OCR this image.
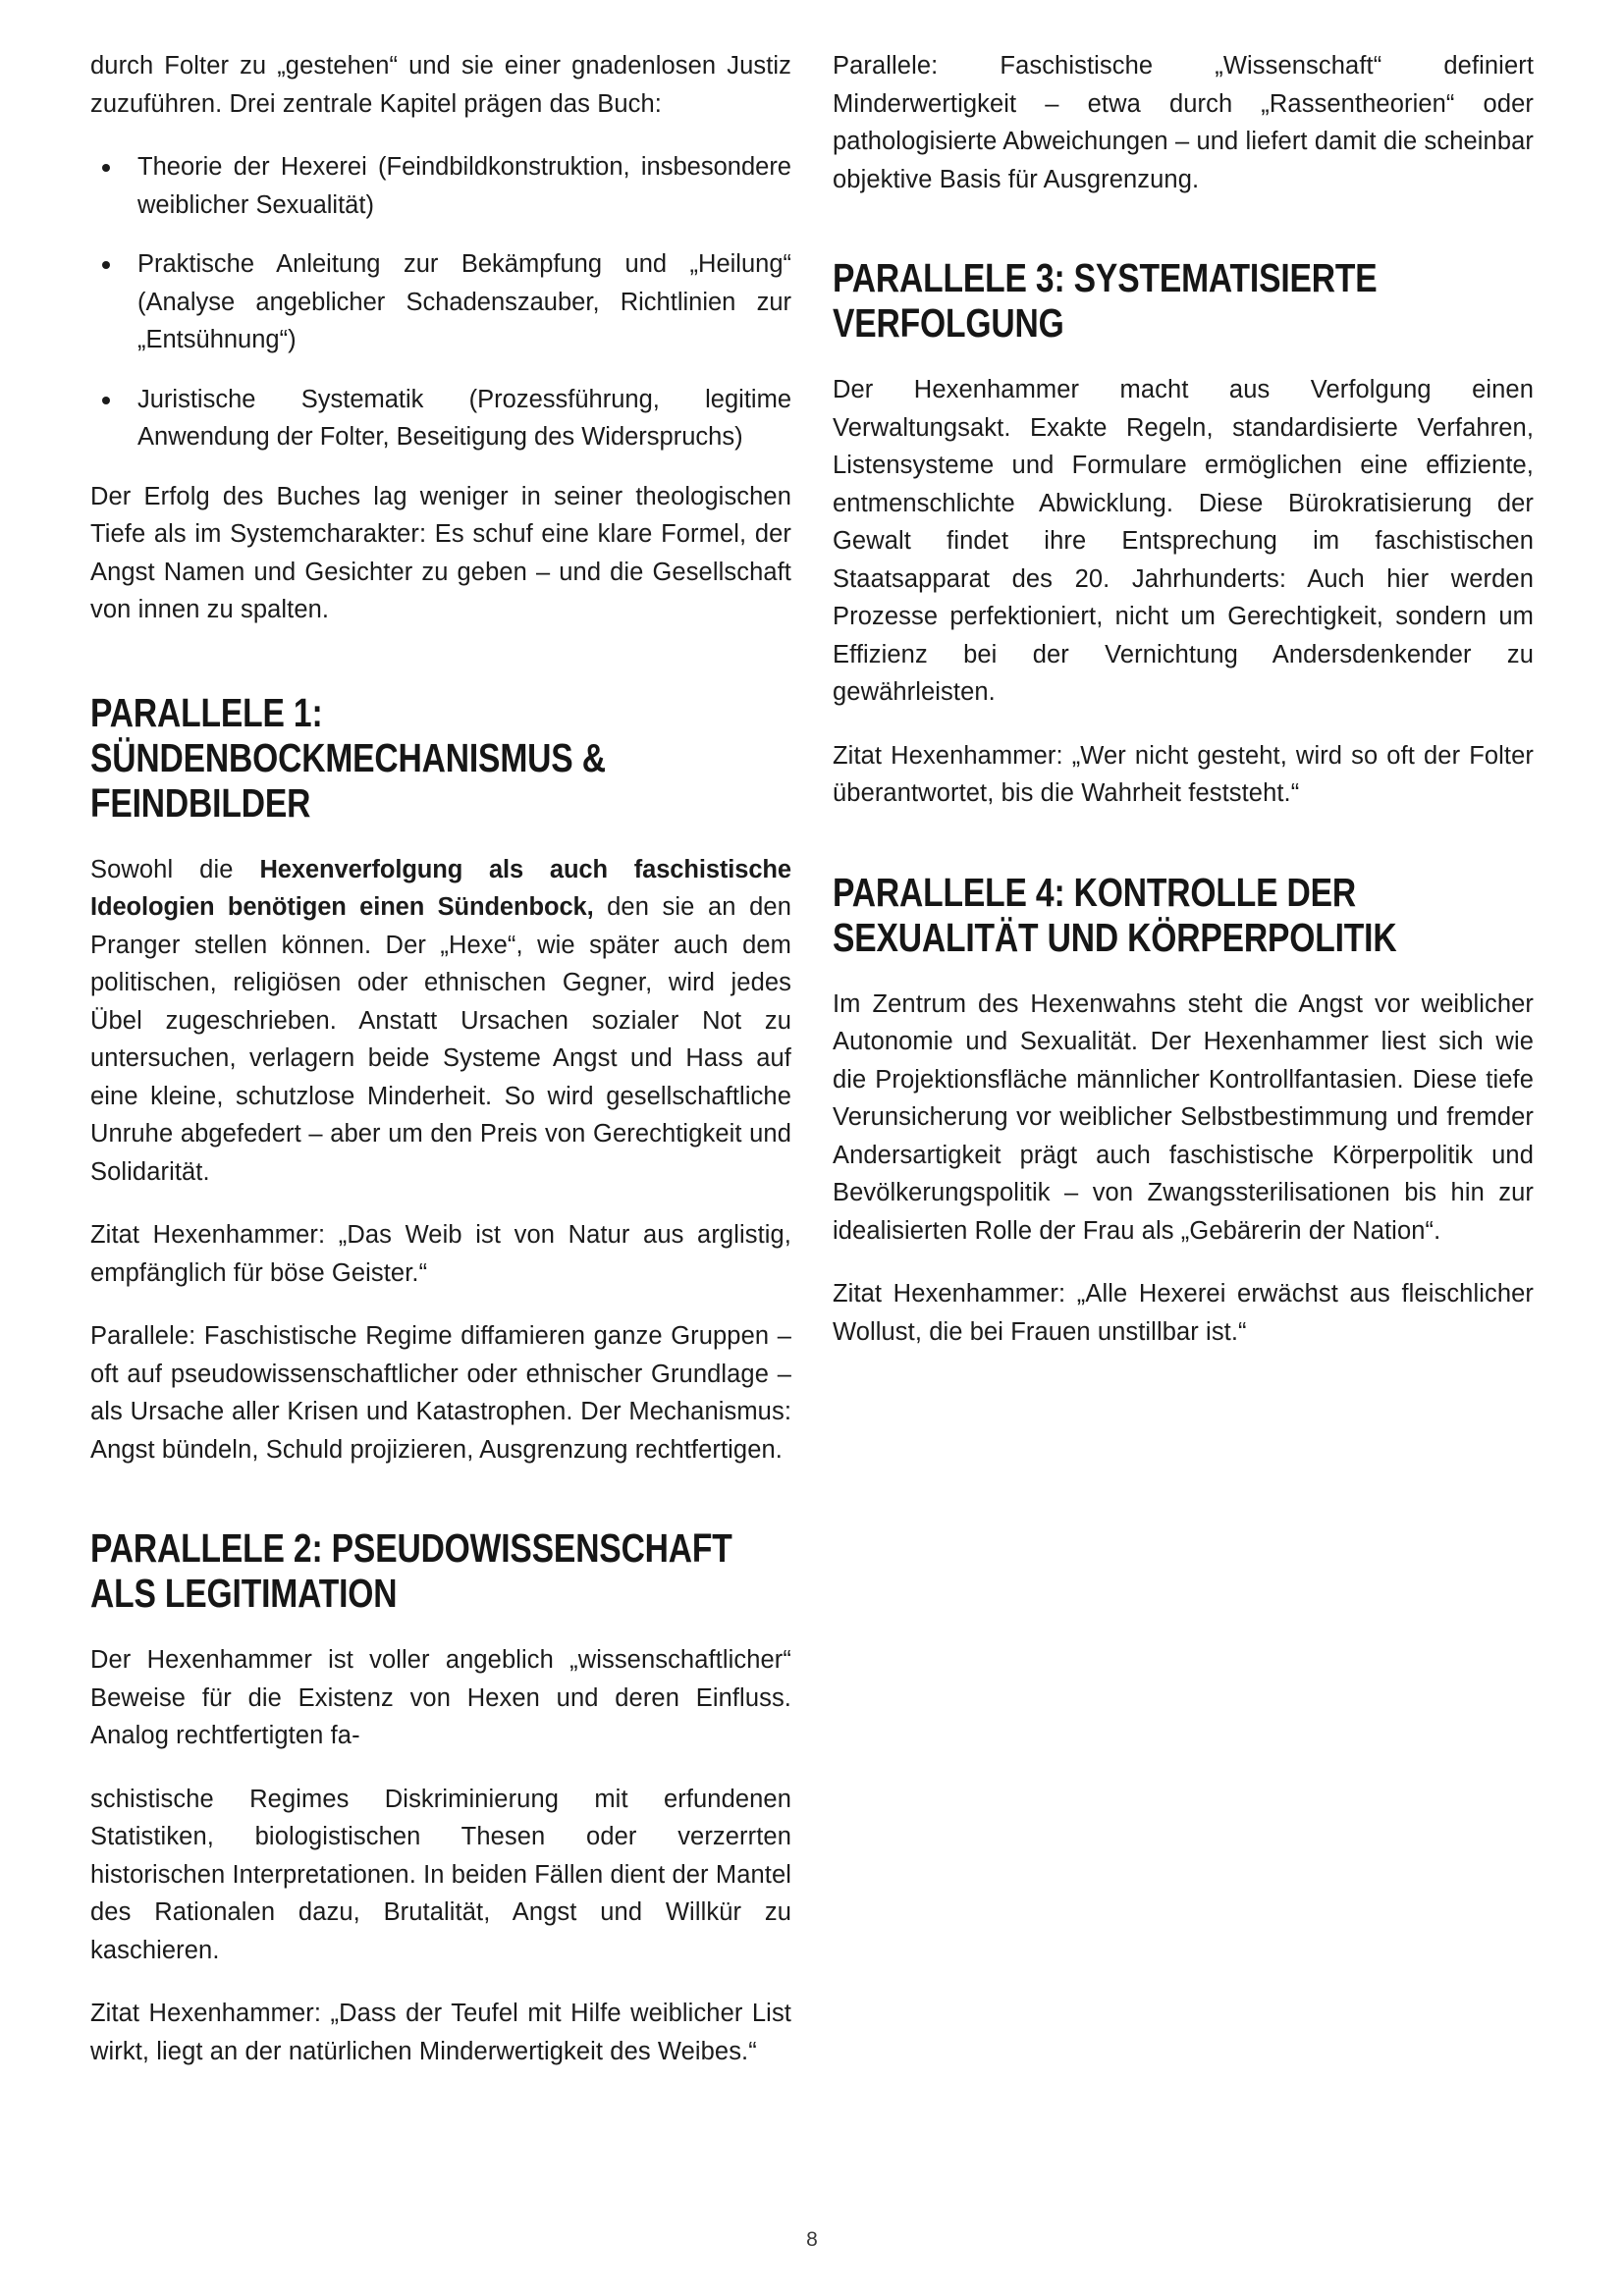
durch Folter zu „gestehen“ und sie einer gnadenlosen Justiz zuzuführen. Drei zentrale Kapitel prägen das Buch:

Theorie der Hexerei (Feindbildkonstruktion, insbesondere weiblicher Sexualität)
Praktische Anleitung zur Bekämpfung und „Heilung“ (Analyse angeblicher Schadenszauber, Richtlinien zur „Entsühnung“)
Juristische Systematik (Prozessführung, legitime Anwendung der Folter, Beseitigung des Widerspruchs)

Der Erfolg des Buches lag weniger in seiner theologischen Tiefe als im Systemcharakter: Es schuf eine klare Formel, der Angst Namen und Gesichter zu geben – und die Gesellschaft von innen zu spalten.

PARALLELE 1: SÜNDENBOCKMECHANISMUS & FEINDBILDER

Sowohl die Hexenverfolgung als auch faschistische Ideologien benötigen einen Sündenbock, den sie an den Pranger stellen können. Der „Hexe“, wie später auch dem politischen, religiösen oder ethnischen Gegner, wird jedes Übel zugeschrieben. Anstatt Ursachen sozialer Not zu untersuchen, verlagern beide Systeme Angst und Hass auf eine kleine, schutzlose Minderheit. So wird gesellschaftliche Unruhe abgefedert – aber um den Preis von Gerechtigkeit und Solidarität.

Zitat Hexenhammer: „Das Weib ist von Natur aus arglistig, empfänglich für böse Geister.“

Parallele: Faschistische Regime diffamieren ganze Gruppen – oft auf pseudowissenschaftlicher oder ethnischer Grundlage – als Ursache aller Krisen und Katastrophen. Der Mechanismus: Angst bündeln, Schuld projizieren, Ausgrenzung rechtfertigen.

PARALLELE 2: PSEUDOWISSENSCHAFT ALS LEGITIMATION

Der Hexenhammer ist voller angeblich „wissenschaftlicher“ Beweise für die Existenz von Hexen und deren Einfluss. Analog rechtfertigten fa-

schistische Regimes Diskriminierung mit erfundenen Statistiken, biologistischen Thesen oder verzerrten historischen Interpretationen. In beiden Fällen dient der Mantel des Rationalen dazu, Brutalität, Angst und Willkür zu kaschieren.

Zitat Hexenhammer: „Dass der Teufel mit Hilfe weiblicher List wirkt, liegt an der natürlichen Minderwertigkeit des Weibes.“

Parallele: Faschistische „Wissenschaft“ definiert Minderwertigkeit – etwa durch „Rassentheorien“ oder pathologisierte Abweichungen – und liefert damit die scheinbar objektive Basis für Ausgrenzung.

PARALLELE 3: SYSTEMATISIERTE VERFOLGUNG

Der Hexenhammer macht aus Verfolgung einen Verwaltungsakt. Exakte Regeln, standardisierte Verfahren, Listensysteme und Formulare ermöglichen eine effiziente, entmenschlichte Abwicklung. Diese Bürokratisierung der Gewalt findet ihre Entsprechung im faschistischen Staatsapparat des 20. Jahrhunderts: Auch hier werden Prozesse perfektioniert, nicht um Gerechtigkeit, sondern um Effizienz bei der Vernichtung Andersdenkender zu gewährleisten.

Zitat Hexenhammer: „Wer nicht gesteht, wird so oft der Folter überantwortet, bis die Wahrheit feststeht.“

PARALLELE 4: KONTROLLE DER SEXUALITÄT UND KÖRPERPOLITIK

Im Zentrum des Hexenwahns steht die Angst vor weiblicher Autonomie und Sexualität. Der Hexenhammer liest sich wie die Projektionsfläche männlicher Kontrollfantasien. Diese tiefe Verunsicherung vor weiblicher Selbstbestimmung und fremder Andersartigkeit prägt auch faschistische Körperpolitik und Bevölkerungspolitik – von Zwangssterilisationen bis hin zur idealisierten Rolle der Frau als „Gebärerin der Nation“.

Zitat Hexenhammer: „Alle Hexerei erwächst aus fleischlicher Wollust, die bei Frauen unstillbar ist.“

8
